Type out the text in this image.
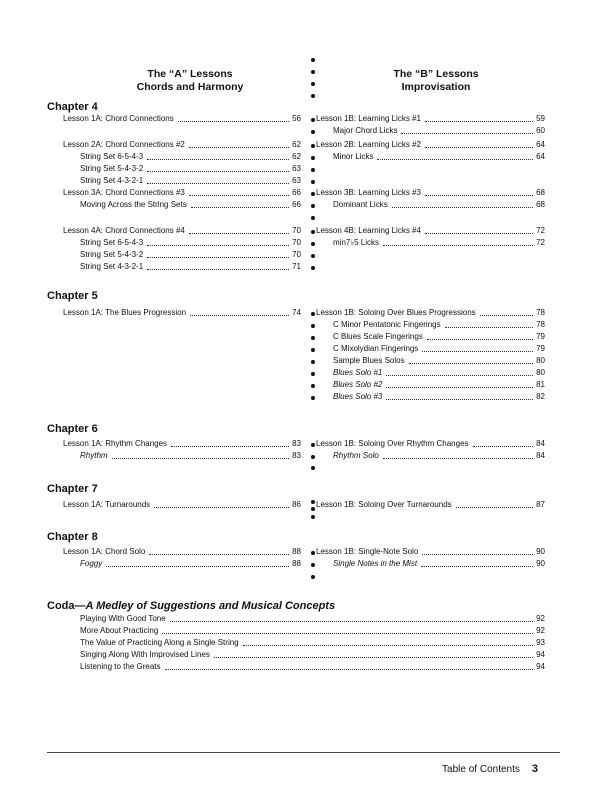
The “A” Lessons
Chords and Harmony
The “B” Lessons
Improvisation
Chapter 4
Chapter 5
Chapter 6
Chapter 7
Chapter 8
Coda—A Medley of Suggestions and Musical Concepts
Lesson 1A: Chord Connections	56
Lesson 2A: Chord Connections #2	62
String Set 6-5-4-3	62
String Set 5-4-3-2	63
String Set 4-3-2-1	63
Lesson 3A: Chord Connections #3	66
Moving Across the String Sets	66
Lesson 4A: Chord Connections #4	70
String Set 6-5-4-3	70
String Set 5-4-3-2	70
String Set 4-3-2-1	71
Lesson 1A: The Blues Progression	74
Lesson 1A: Rhythm Changes	83
Rhythm	83
Lesson 1A: Turnarounds	86
Lesson 1A: Chord Solo	88
Foggy	88
Lesson 1B: Learning Licks #1	59
Major Chord Licks	60
Lesson 2B: Learning Licks #2	64
Minor Licks	64
Lesson 3B: Learning Licks #3	68
Dominant Licks	68
Lesson 4B: Learning Licks #4	72
min7♭5 Licks	72
Lesson 1B: Soloing Over Blues Progressions	78
C Minor Pentatonic Fingerings	78
C Blues Scale Fingerings	79
C Mixolydian Fingerings	79
Sample Blues Solos	80
Blues Solo #1	80
Blues Solo #2	81
Blues Solo #3	82
Lesson 1B: Soloing Over Rhythm Changes	84
Rhythm Solo	84
Lesson 1B: Soloing Over Turnarounds	87
Lesson 1B: Single-Note Solo	90
Single Notes in the Mist	90
Playing With Good Tone	92
More About Practicing	92
The Value of Practicing Along a Single String	93
Singing Along With Improvised Lines	94
Listening to the Greats	94
Table of Contents 3
